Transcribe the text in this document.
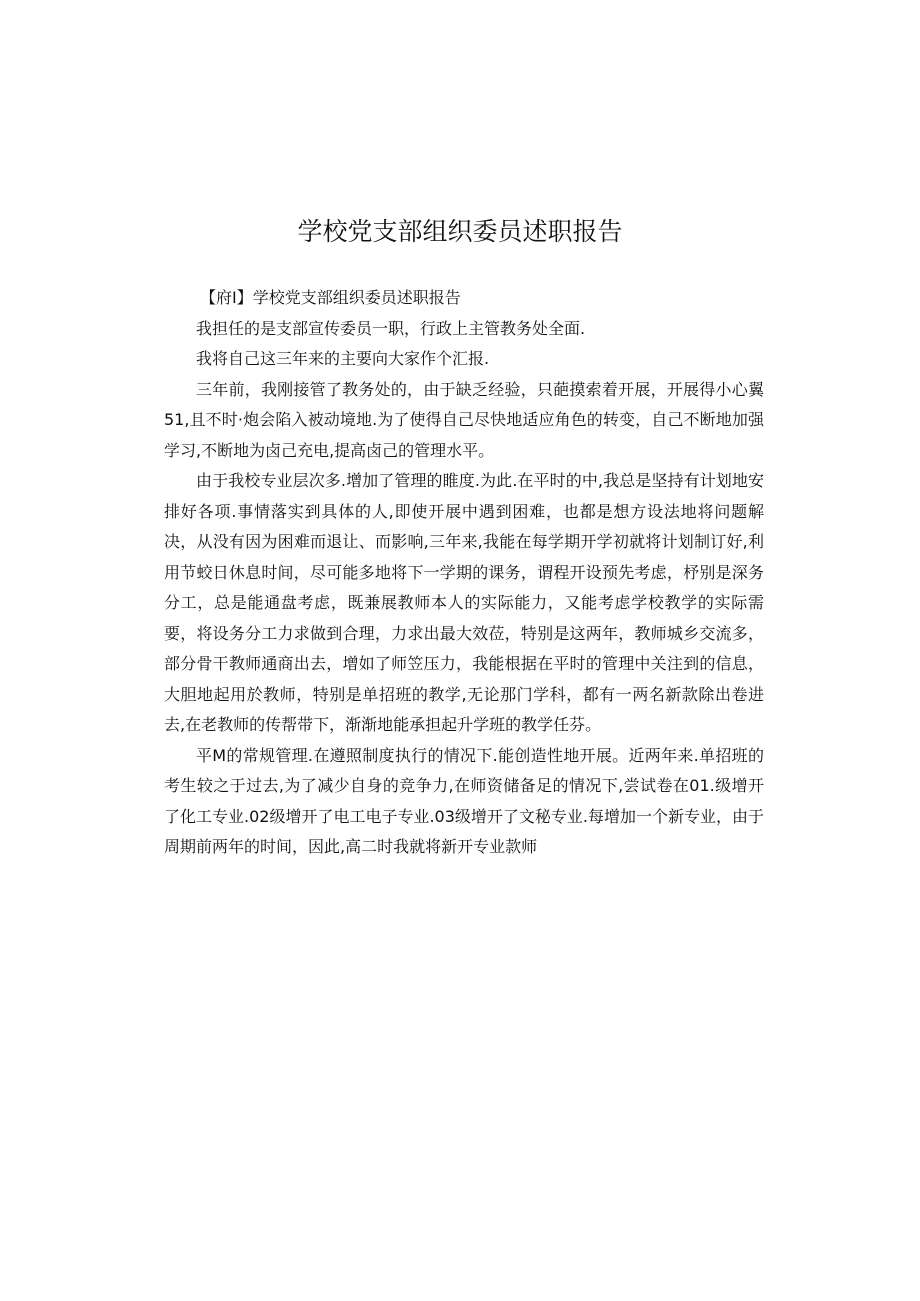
学校党支部组织委员述职报告

【府Ⅰ】学校党支部组织委员述职报告

我担任的是支部宣传委员一职，行政上主管教务处全面.

我将自己这三年来的主要向大家作个汇报.

三年前，我刚接管了教务处的，由于缺乏经验，只葩摸索着开展，开展得小心翼51,且不时·炮会陷入被动境地.为了使得自己尽快地适应角色的转变，自己不断地加强学习,不断地为卤己充电,提高卤己的管理水平。

由于我校专业层次多.增加了管理的睢度.为此.在平时的中,我总是坚持有计划地安排好各项.事情落实到具体的人,即使开展中遇到困难，也都是想方设法地将问题解决，从没有因为困难而退让、而影响,三年来,我能在每学期开学初就将计划制订好,利用节蛟日休息时间，尽可能多地将下一学期的课务，谓程开设预先考虑，杼别是深务分工，总是能通盘考虑，既兼展教师本人的实际能力，又能考虑学校教学的实际需要，将设务分工力求做到合理，力求出最大效莅，特别是这两年，教师城乡交流多，部分骨干教师通商出去，增如了师笠压力，我能根据在平时的管理中关注到的信息，大胆地起用於教师，特别是单招班的教学,无论那门学科，都有一两名新款除出卷进去,在老教师的传帮带下，渐渐地能承担起升学班的教学任芬。

平M的常规管理.在遵照制度执行的情况下.能创造性地开展。近两年来.单招班的考生较之于过去,为了减少自身的竞争力,在师资储备足的情况下,尝试卷在01.级增开了化工专业.02级增开了电工电子专业.03级增开了文秘专业.每增加一个新专业，由于周期前两年的时间，因此,高二时我就将新开专业款师
